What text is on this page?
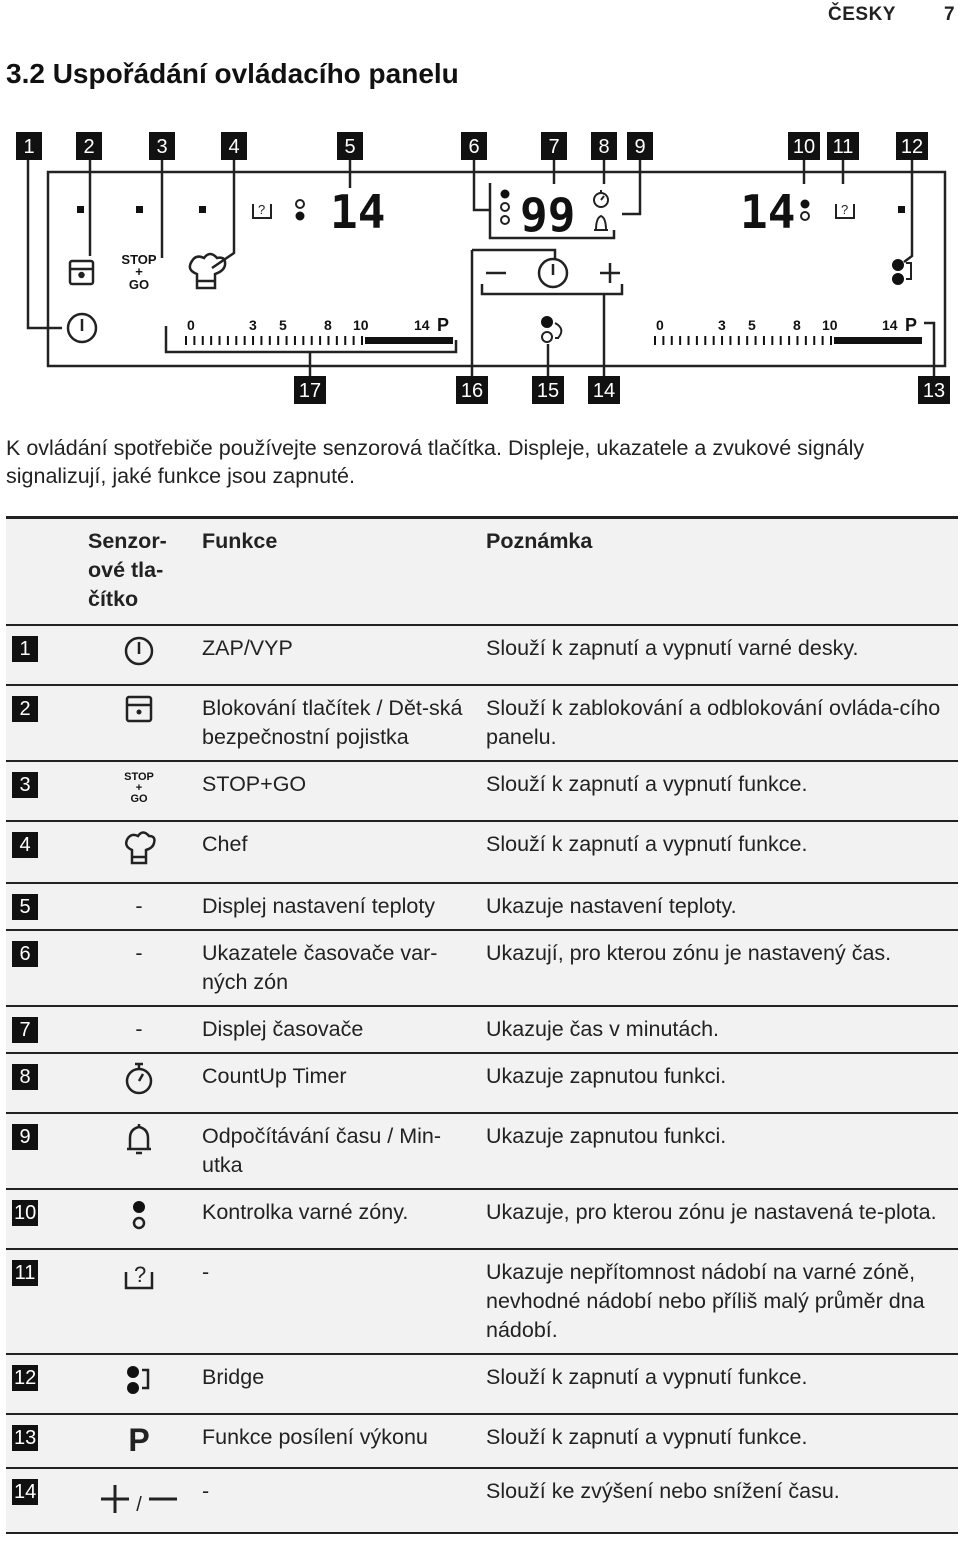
ČESKY	7
3.2 Uspořádání ovládacího panelu
1 2	3	4	5	6	7 8 9	10 11 12
13
14
15
16
17
?	?
14	99	14
STOP
+
GO
0	3 5	8 10	14 P	0	3 5	8 10	14 P
K ovládání spotřebiče používejte senzorová tlačítka. Displeje, ukazatele a zvukové signály signalizují, jaké funkce jsou zapnuté.

	Senzor-
ové tla-
čítko	Funkce	Poznámka
1		ZAP/VYP	Slouží k zapnutí a vypnutí varné desky.
2		Blokování tlačítek / Dět-ská bezpečnostní pojistka	Slouží k zablokování a odblokování ovláda-cího panelu.
3	STOP
+
GO	STOP+GO	Slouží k zapnutí a vypnutí funkce.
4		Chef	Slouží k zapnutí a vypnutí funkce.
5	-	Displej nastavení teploty	Ukazuje nastavení teploty.
6	-	Ukazatele časovače var-ných zón	Ukazují, pro kterou zónu je nastavený čas.
7	-	Displej časovače	Ukazuje čas v minutách.
8		CountUp Timer	Ukazuje zapnutou funkci.
9		Odpočítávání času / Min-utka	Ukazuje zapnutou funkci.
10		Kontrolka varné zóny.	Ukazuje, pro kterou zónu je nastavená te-plota.
11	?	-	Ukazuje nepřítomnost nádobí na varné zóně, nevhodné nádobí nebo příliš malý průměr dna nádobí.
12		Bridge	Slouží k zapnutí a vypnutí funkce.
13	P	Funkce posílení výkonu	Slouží k zapnutí a vypnutí funkce.
14	/	-	Slouží ke zvýšení nebo snížení času.
